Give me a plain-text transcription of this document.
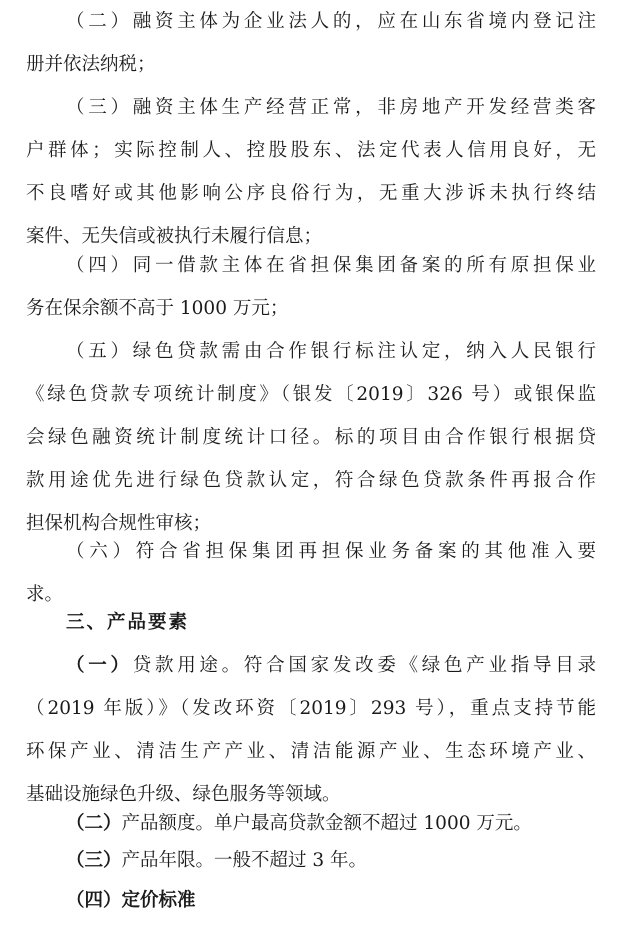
（二）融资主体为企业法人的，应在山东省境内登记注
册并依法纳税；
（三）融资主体生产经营正常，非房地产开发经营类客
户群体；实际控制人、控股股东、法定代表人信用良好，无
不良嗜好或其他影响公序良俗行为，无重大涉诉未执行终结
案件、无失信或被执行未履行信息；
（四）同一借款主体在省担保集团备案的所有原担保业
务在保余额不高于 1000 万元；
（五）绿色贷款需由合作银行标注认定，纳入人民银行
《绿色贷款专项统计制度》（银发〔2019〕326 号）或银保监
会绿色融资统计制度统计口径。标的项目由合作银行根据贷
款用途优先进行绿色贷款认定，符合绿色贷款条件再报合作
担保机构合规性审核；
（六）符合省担保集团再担保业务备案的其他准入要
求。
三、产品要素
（一）贷款用途。符合国家发改委《绿色产业指导目录
（2019 年版）》（发改环资〔2019〕293 号），重点支持节能
环保产业、清洁生产产业、清洁能源产业、生态环境产业、
基础设施绿色升级、绿色服务等领域。
（二）产品额度。单户最高贷款金额不超过 1000 万元。
（三）产品年限。一般不超过 3 年。
（四）定价标准
